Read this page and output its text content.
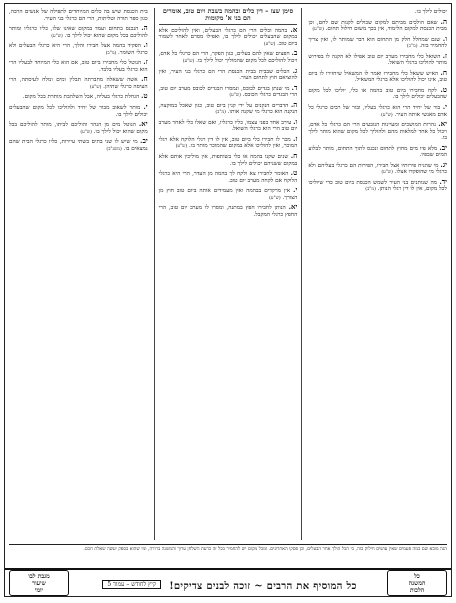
יכולים לילך בו.
ה. שאם הולכים מביתם למקום שכולים לקנות שם לחם, וכן מבית הכנסת למקום הלימוד, אין בכך משום חילול תחום. (ש"ע)
ו. שגם שמחלל חלק מן התחום הוא דבר שמותר לו, ואין צריך להחמיר בזה. (מ"ב)
ז. השואל כלי מחבירו מערב יום טוב אפילו לא הקנה לו בפירוש מותר להוליכו ברגלי השואל.
ח. האיש ששאל כלי מחבירו ואמר לו המשאיל שיחזירו לו ביום טוב, אינו יכול להוליכו אלא ברגלי המשאיל.
ט. לקח מחבירו ביום טוב בהמה או כלי, יוליכו לכל מקום שהבעלים יכולים לילך בו.
י. בור של יחיד הרי הוא כרגלי בעליו, ובור של רבים כרגלי כל אדם מאנשי אותה העיר. (ש"ע)
יא. נהרות המושכים ומעיינות הנובעים הרי הם כרגלי כל אדם, ויכול כל אחד למלאות מהם ולהוליך לכל מקום שהוא מותר לילך בו.
יב. מלא פיו מים מחוץ לתחום ונכנס לתוך התחום, מותר לבלוע המים שבפיו.
יג. מי שהניח פירותיו אצל חבירו, הפירות הם כרגלי בעליהם ולא כרגלי מי שהופקדו אצלו. (ש"ע)
יד. מה שנותנים בני העיר לשמש הכנסת ביום טוב כדי שיוליכו לכל מקום, אין לו דין רגלי הנותן. (מ"ב)
סימן שצז – דין כלים ובהמה בשבת ויום טוב, אומרים הם בני א' מקומות
א. בהמה וכלים הרי הם כרגלי הבעלים, ואין להוליכם אלא במקום שהבעלים יכולים לילך בו, ואפילו מסרם לאחר לשמור ביום טוב. (ש"ע)
ב. חפצים שאין להם בעלים, כגון הפקר, הרי הם כרגלי כל אדם, ויכול להוליכם לכל מקום שהמוליך יכול לילך בו. (ש"ע)
ג. הכלים שבבית בבית הכנסת הרי הם כרגלי בני העיר, ואין להוציאם חוץ לתחום העיר.
ד. מי שנתן בגדים לכובס, ונמסרו הבגדים לכובס מערב יום טוב, הרי הבגדים כרגלי הכובס. (ש"ע)
ה. הדברים הנקנים על ידי קנין ביום טוב, כגון שאכל במוקצה, הנקנה הוא כרגלי מי שקנה אותו. (מ"ב)
ו. עירב אחד בפני עצמו, כליו כרגליו, ואם שאלו כלי לאחר מערב יום טוב הרי הוא כרגלי השואל.
ז. מכר לו חבירו כלי ביום טוב, אין לו דין רגלי הלוקח אלא רגלי המוכר, ואין להוליכו אלא במקום שהמוכר מותר בו. (ש"ע)
ח. שנים שקנו בהמה או כלי בשותפות, אין מוליכין אותם אלא במקום ששניהם יכולים לילך בו.
ט. האומר לחבירו צא ולקח לך בהמה מן העדר, הרי היא כרגלי הלוקח אם לקחה מערב יום טוב.
י. אין מרקדים בבהמה ואין מעמידים אותה ביום טוב חוץ מן הצורך. (ש"ע)
יא. הנותן לחבירו חפץ במתנה, ומסרו לו מערב יום טוב, הרי החפץ כרגלי המקבל.
בית הכנסת שיש בה כלים המיוחדים לתפילה של אנשים הרבה, כגון ספר תורה וטליתות, הרי הם כרגלי בני העיר.
ה. הנכנס בתחום ועמד במקום שאינו שלו, כליו כרגליו ומותר להוליכם בכל מקום שהוא יכול לילך בו. (ש"ע)
ו. הפקיד בהמה אצל חבירו והלך, הרי היא כרגלי הבעלים ולא כרגלי השומר. (מ"ב)
ז. הנוטל כלי מחבירו ביום טוב, אם הוא כלי המיוחד לבעליו הרי הוא כרגלי בעליו בלבד.
ח. אשה ששאלה מחברתה תבלין ומים ומלח לעיסתה, הרי העיסה כרגלי שתיהן. (ש"ע)
ט. הגחלת כרגלי בעליה, אבל השלהבת מותרת בכל מקום.
י. מותר לשאוב מבור של יחיד ולהוליכו לכל מקום שהבעלים יכולים לילך בו.
יא. הנוטל מים מן הנהר והוליכם לביתו, מותר להוליכם בכל מקום שהוא יכול לילך בו. (ש"ע)
יב. מי שיש לו שני בתים בשתי עיירות, כליו כרגלי הבית שהם נמצאים בו. (משנ"ב)
הגה מובא שם כמה פעמים שאין עושים חילוק בזה, כי הכל הולך אחר הבעלים, וכן פסקו האחרונים. ומכל מקום יש להחמיר בכל זה כדעת השלחן ערוך והמשנה ברורה, ומי שהוא בספק יעשה שאלת חכם.
כל
המשנה
הלכות
כל המוסיף את הרבים ~ זוכה לבנים צדיקים! קיץ לחודש – עמוד 5
מגבת לבו
שיעור
יומי
